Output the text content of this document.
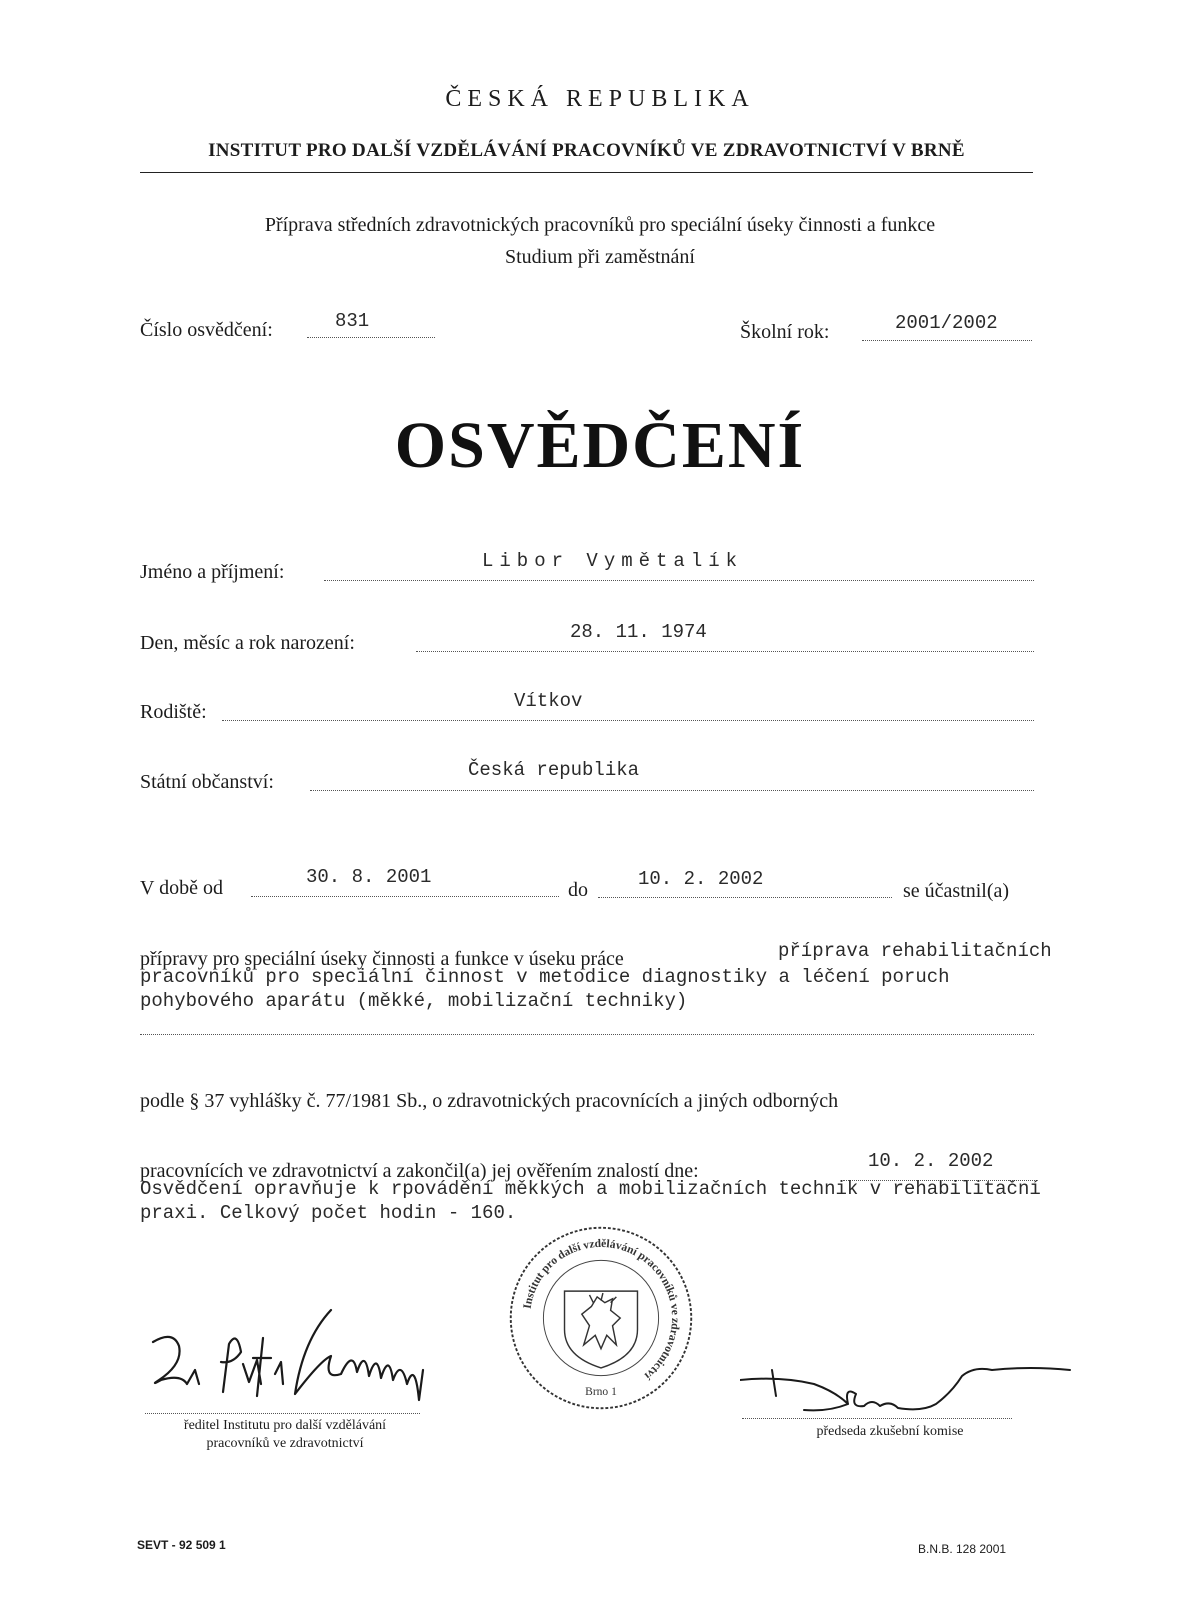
ČESKÁ REPUBLIKA
INSTITUT PRO DALŠÍ VZDĚLÁVÁNÍ PRACOVNÍKŮ VE ZDRAVOTNICTVÍ V BRNĚ
Příprava středních zdravotnických pracovníků pro speciální úseky činnosti a funkce
Studium při zaměstnání
Číslo osvědčení:	831	Školní rok:	2001/2002
OSVĚDČENÍ
Jméno a příjmení:	Libor Vymětalík
Den, měsíc a rok narození:	28. 11. 1974
Rodiště:	Vítkov
Státní občanství:
Česká republika
V době od	30. 8. 2001
do	10. 2. 2002
se účastnil(a)
přípravy pro speciální úseky činnosti a funkce v úseku práce	příprava rehabilitačních
pracovníků pro speciální činnost v metodice diagnostiky a léčení poruch
pohybového aparátu (měkké, mobilizační techniky)
podle § 37 vyhlášky č. 77/1981 Sb., o zdravotnických pracovnících a jiných odborných
pracovnících ve zdravotnictví a zakončil(a) jej ověřením znalostí dne:	10. 2. 2002
Osvědčení opravňuje k rpovádění měkkých a mobilizačních technik v rehabilitační
praxi. Celkový počet hodin - 160.
Institut pro další vzdělávání pracovníků ve zdravotnictví
Brno 1
ředitel Institutu pro další vzdělávání
pracovníků ve zdravotnictví
předseda zkušební komise
SEVT - 92 509 1	B.N.B. 128 2001
